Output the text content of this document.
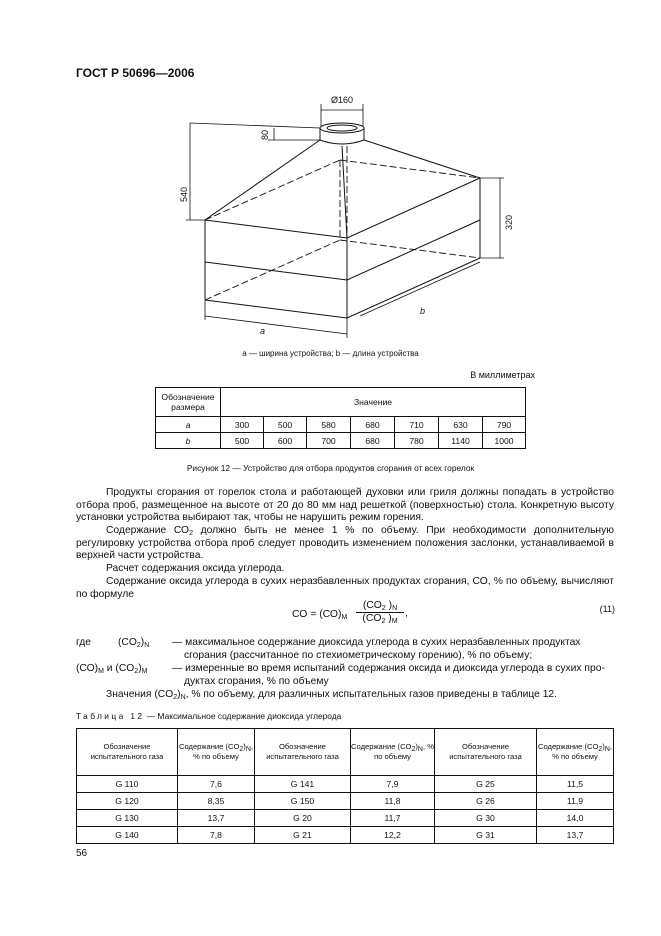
ГОСТ Р 50696—2006
Ø160
80
540
320
a
b
a — ширина устройства; b — длина устройства
В миллиметрах
Обозначение размера	Значение						
a	300	500	580	680	710	630	790
b	500	600	700	680	780	1140	1000
Рисунок 12 — Устройство для отбора продуктов сгорания от всех горелок
Продукты сгорания от горелок стола и работающей духовки или гриля должны попадать в устройство отбора проб, размещенное на высоте от 20 до 80 мм над решеткой (поверхностью) стола. Конкретную высоту установки устройства выбирают так, чтобы не нарушить режим горения.
Содержание $СО_2$ должно быть не менее 1 % по объему. При необходимости дополнительную регулировку устройства отбора проб следует проводить изменением положения заслонки, устанавливаемой в верхней части устройства.
Расчет содержания оксида углерода.
Содержание оксида углерода в сухих неразбавленных продуктах сгорания, СО, % по объему, вычисляют по формуле
СО = $(СО)_M \frac{(CO_2 )_N}{(CO_2 )_M}$ ,	(11)
где	$(CO_2)_N$ — максимальное содержание диоксида углерода в сухих неразбавленных продуктах
сгорания (рассчитанное по стехиометрическому горению), % по объему;
$(СО)_M$ и $(CO_2)_M$ — измеренные во время испытаний содержания оксида и диоксида углерода в сухих про-
дуктах сгорания, % по объему
Значения $(CO_2)_N$, % по объему, для различных испытательных газов приведены в таблице 12.
Таблица 12 — Максимальное содержание диоксида углерода
Обозначение испытательного газа	Содержание $(CO_2)_N$, % по объему	Обозначение испытательного газа	Содержание $(CO_2)_N$, % по объему	Обозначение испытательного газа	Содержание $(CO_2)_N$, % по объему
G 110	7,6	G 141	7,9	G 25	11,5
G 120	8,35	G 150	11,8	G 26	11,9
G 130	13,7	G 20	11,7	G 30	14,0
G 140	7,8	G 21	12,2	G 31	13,7
56
